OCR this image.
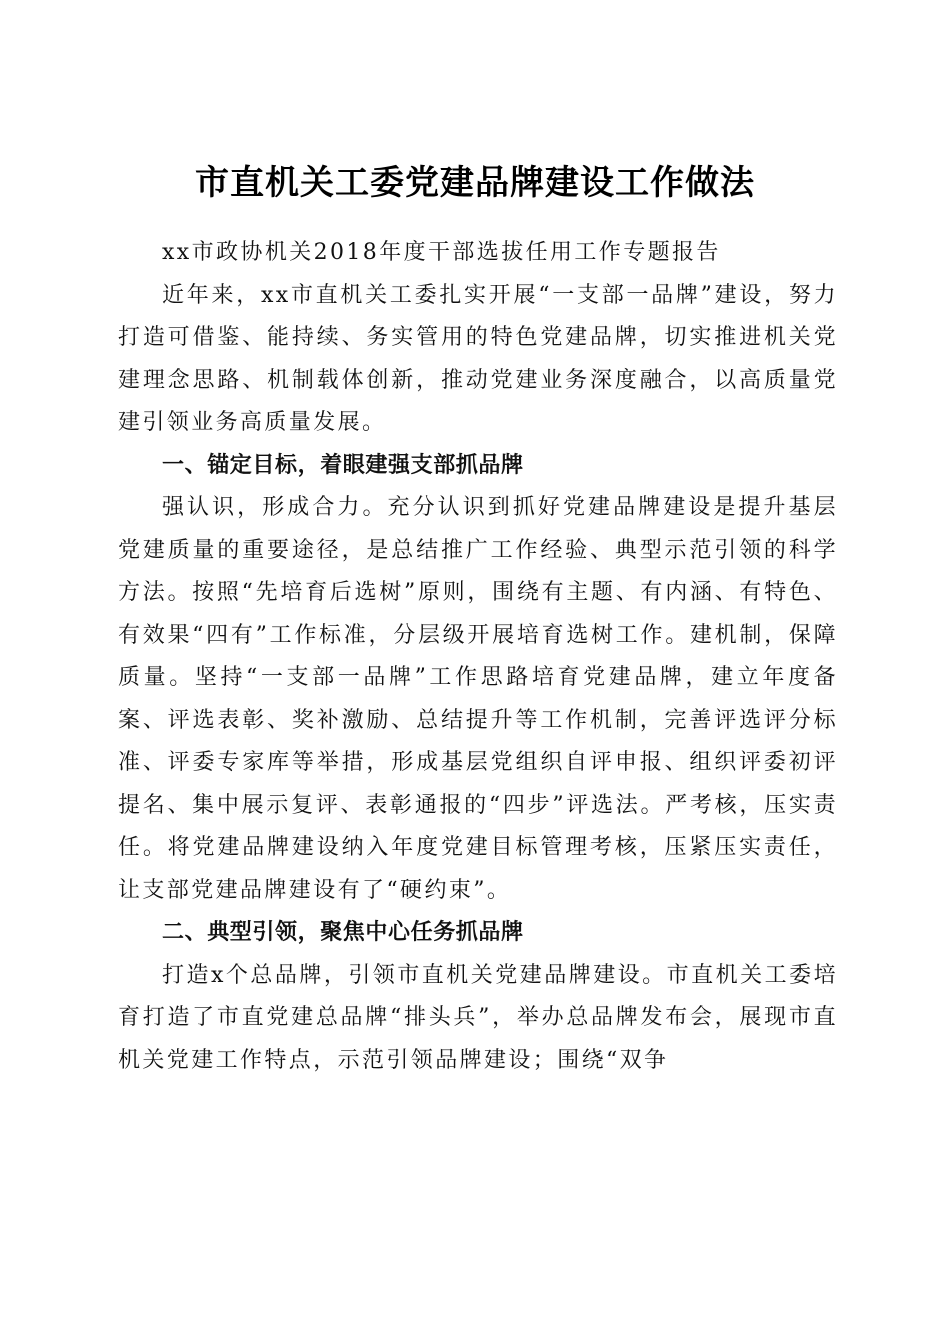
市直机关工委党建品牌建设工作做法

xx市政协机关2018年度干部选拔任用工作专题报告

近年来，xx市直机关工委扎实开展“一支部一品牌”建设，努力打造可借鉴、能持续、务实管用的特色党建品牌，切实推进机关党建理念思路、机制载体创新，推动党建业务深度融合，以高质量党建引领业务高质量发展。

一、锚定目标，着眼建强支部抓品牌

强认识，形成合力。充分认识到抓好党建品牌建设是提升基层党建质量的重要途径，是总结推广工作经验、典型示范引领的科学方法。按照“先培育后选树”原则，围绕有主题、有内涵、有特色、有效果“四有”工作标准，分层级开展培育选树工作。建机制，保障质量。坚持“一支部一品牌”工作思路培育党建品牌，建立年度备案、评选表彰、奖补激励、总结提升等工作机制，完善评选评分标准、评委专家库等举措，形成基层党组织自评申报、组织评委初评提名、集中展示复评、表彰通报的“四步”评选法。严考核，压实责任。将党建品牌建设纳入年度党建目标管理考核，压紧压实责任，让支部党建品牌建设有了“硬约束”。

二、典型引领，聚焦中心任务抓品牌

打造x个总品牌，引领市直机关党建品牌建设。市直机关工委培育打造了市直党建总品牌“排头兵”，举办总品牌发布会，展现市直机关党建工作特点，示范引领品牌建设；围绕“双争
